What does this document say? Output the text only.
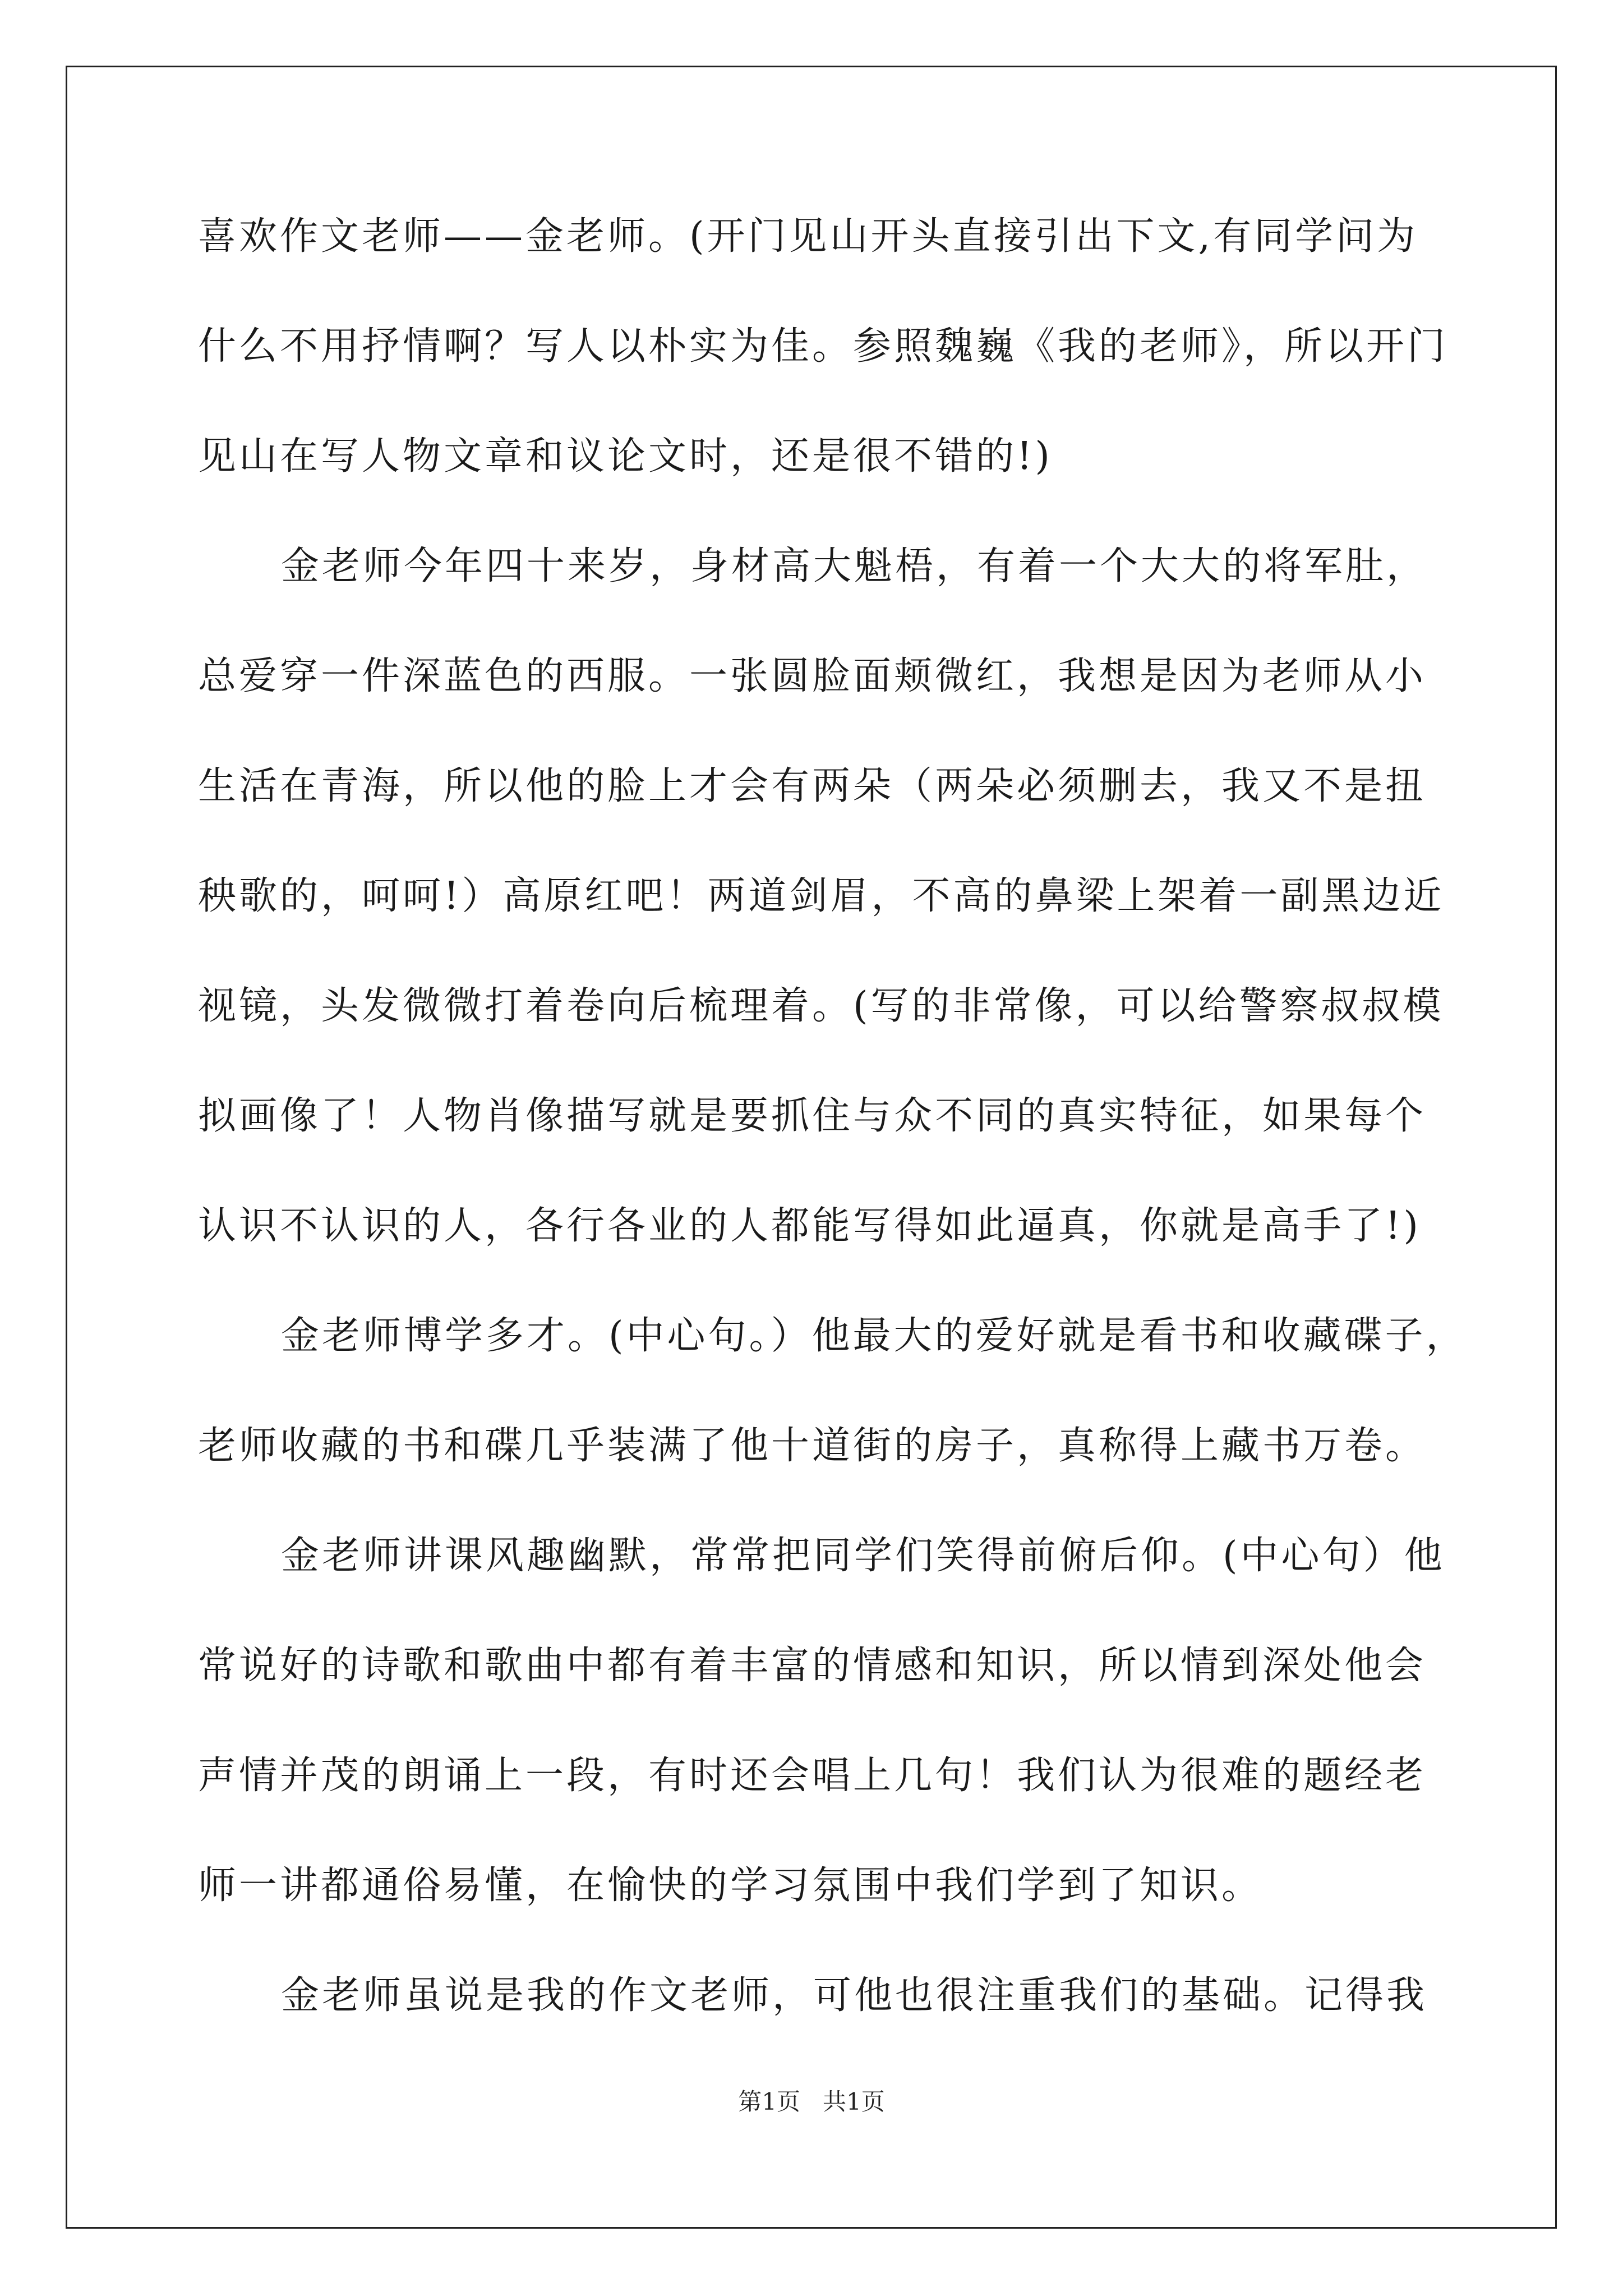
喜欢作文老师——金老师。(开门见山开头直接引出下文,有同学问为
什么不用抒情啊？写人以朴实为佳。参照魏巍《我的老师》，所以开门
见山在写人物文章和议论文时，还是很不错的!)
金老师今年四十来岁，身材高大魁梧，有着一个大大的将军肚，
总爱穿一件深蓝色的西服。一张圆脸面颊微红，我想是因为老师从小
生活在青海，所以他的脸上才会有两朵（两朵必须删去，我又不是扭
秧歌的，呵呵!）高原红吧！两道剑眉，不高的鼻梁上架着一副黑边近
视镜，头发微微打着卷向后梳理着。(写的非常像，可以给警察叔叔模
拟画像了！人物肖像描写就是要抓住与众不同的真实特征，如果每个
认识不认识的人，各行各业的人都能写得如此逼真，你就是高手了!)
金老师博学多才。(中心句。）他最大的爱好就是看书和收藏碟子，
老师收藏的书和碟几乎装满了他十道街的房子，真称得上藏书万卷。
金老师讲课风趣幽默，常常把同学们笑得前俯后仰。(中心句）他
常说好的诗歌和歌曲中都有着丰富的情感和知识，所以情到深处他会
声情并茂的朗诵上一段，有时还会唱上几句！我们认为很难的题经老
师一讲都通俗易懂，在愉快的学习氛围中我们学到了知识。
金老师虽说是我的作文老师，可他也很注重我们的基础。记得我
第1页   共1页
